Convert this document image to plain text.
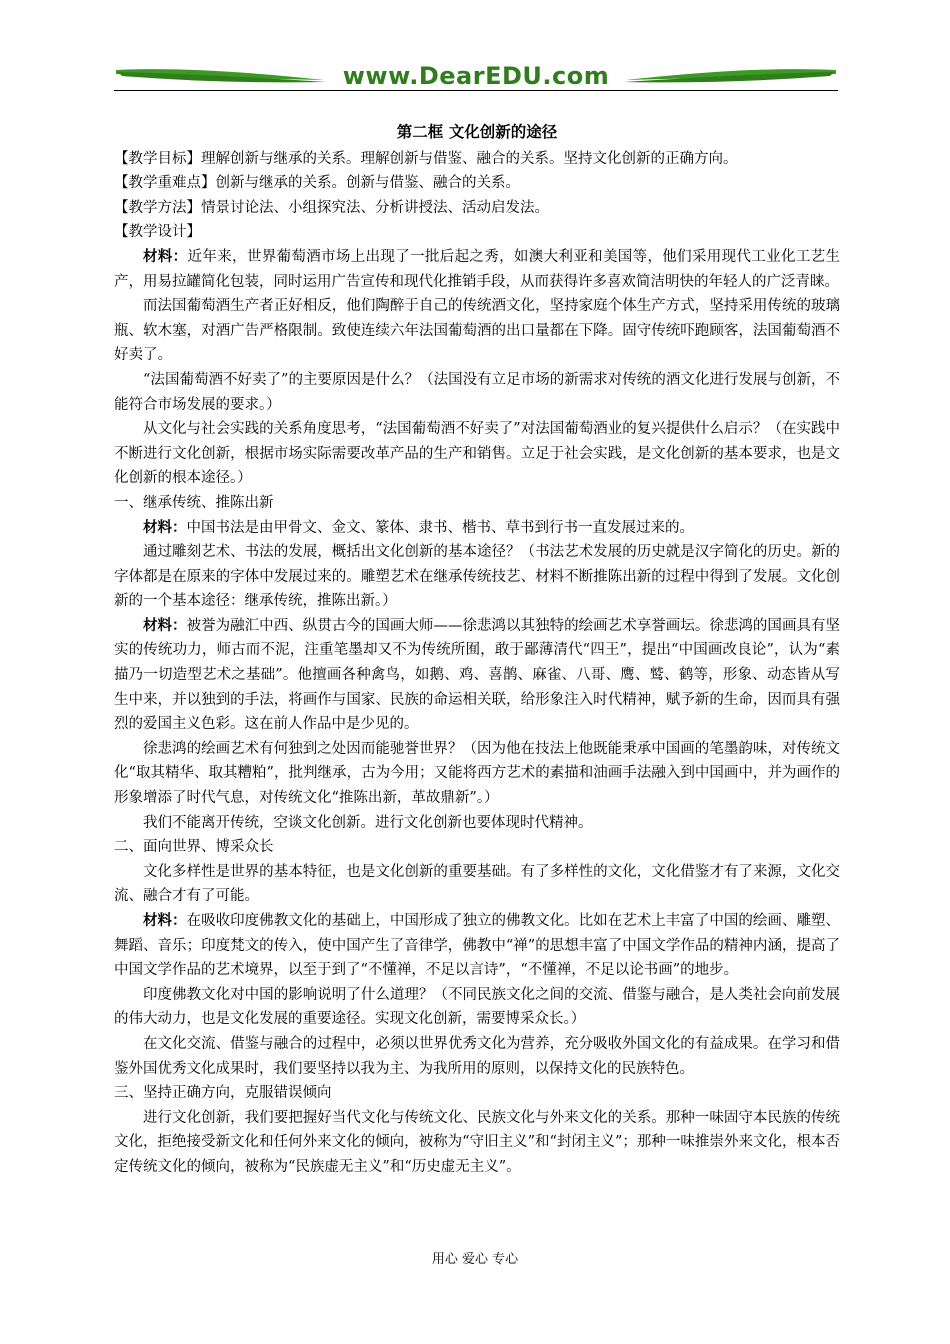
www.DearEDU.com
第二框 文化创新的途径

【教学目标】理解创新与继承的关系。理解创新与借鉴、融合的关系。坚持文化创新的正确方向。

【教学重难点】创新与继承的关系。创新与借鉴、融合的关系。

【教学方法】情景讨论法、小组探究法、分析讲授法、活动启发法。

【教学设计】

材料：近年来，世界葡萄酒市场上出现了一批后起之秀，如澳大利亚和美国等，他们采用现代工业化工艺生产，用易拉罐简化包装，同时运用广告宣传和现代化推销手段，从而获得许多喜欢简洁明快的年轻人的广泛青睐。

而法国葡萄酒生产者正好相反，他们陶醉于自己的传统酒文化，坚持家庭个体生产方式，坚持采用传统的玻璃瓶、软木塞，对酒广告严格限制。致使连续六年法国葡萄酒的出口量都在下降。固守传统吓跑顾客，法国葡萄酒不好卖了。

“法国葡萄酒不好卖了”的主要原因是什么？（法国没有立足市场的新需求对传统的酒文化进行发展与创新，不能符合市场发展的要求。）

从文化与社会实践的关系角度思考，“法国葡萄酒不好卖了”对法国葡萄酒业的复兴提供什么启示？（在实践中不断进行文化创新，根据市场实际需要改革产品的生产和销售。立足于社会实践，是文化创新的基本要求，也是文化创新的根本途径。）

一、继承传统、推陈出新

材料：中国书法是由甲骨文、金文、篆体、隶书、楷书、草书到行书一直发展过来的。

通过雕刻艺术、书法的发展，概括出文化创新的基本途径？（书法艺术发展的历史就是汉字简化的历史。新的字体都是在原来的字体中发展过来的。雕塑艺术在继承传统技艺、材料不断推陈出新的过程中得到了发展。文化创新的一个基本途径：继承传统，推陈出新。）

材料：被誉为融汇中西、纵贯古今的国画大师——徐悲鸿以其独特的绘画艺术享誉画坛。徐悲鸿的国画具有坚实的传统功力，师古而不泥，注重笔墨却又不为传统所囿，敢于鄙薄清代“四王”，提出“中国画改良论”，认为“素描乃一切造型艺术之基础”。他擅画各种禽鸟，如鹅、鸡、喜鹊、麻雀、八哥、鹰、鹫、鹤等，形象、动态皆从写生中来，并以独到的手法，将画作与国家、民族的命运相关联，给形象注入时代精神，赋予新的生命，因而具有强烈的爱国主义色彩。这在前人作品中是少见的。

徐悲鸿的绘画艺术有何独到之处因而能驰誉世界？（因为他在技法上他既能秉承中国画的笔墨韵味，对传统文化“取其精华、取其糟粕”，批判继承，古为今用；又能将西方艺术的素描和油画手法融入到中国画中，并为画作的形象增添了时代气息，对传统文化“推陈出新，革故鼎新”。）

我们不能离开传统，空谈文化创新。进行文化创新也要体现时代精神。

二、面向世界、博采众长

文化多样性是世界的基本特征，也是文化创新的重要基础。有了多样性的文化，文化借鉴才有了来源，文化交流、融合才有了可能。

材料：在吸收印度佛教文化的基础上，中国形成了独立的佛教文化。比如在艺术上丰富了中国的绘画、雕塑、舞蹈、音乐；印度梵文的传入，使中国产生了音律学，佛教中“禅”的思想丰富了中国文学作品的精神内涵，提高了中国文学作品的艺术境界，以至于到了“不懂禅，不足以言诗”，“不懂禅，不足以论书画”的地步。

印度佛教文化对中国的影响说明了什么道理？（不同民族文化之间的交流、借鉴与融合，是人类社会向前发展的伟大动力，也是文化发展的重要途径。实现文化创新，需要博采众长。）

在文化交流、借鉴与融合的过程中，必须以世界优秀文化为营养，充分吸收外国文化的有益成果。在学习和借鉴外国优秀文化成果时，我们要坚持以我为主、为我所用的原则，以保持文化的民族特色。

三、坚持正确方向，克服错误倾向

进行文化创新，我们要把握好当代文化与传统文化、民族文化与外来文化的关系。那种一味固守本民族的传统文化，拒绝接受新文化和任何外来文化的倾向，被称为“守旧主义”和“封闭主义”；那种一味推崇外来文化，根本否定传统文化的倾向，被称为“民族虚无主义”和“历史虚无主义”。

用心 爱心 专心
